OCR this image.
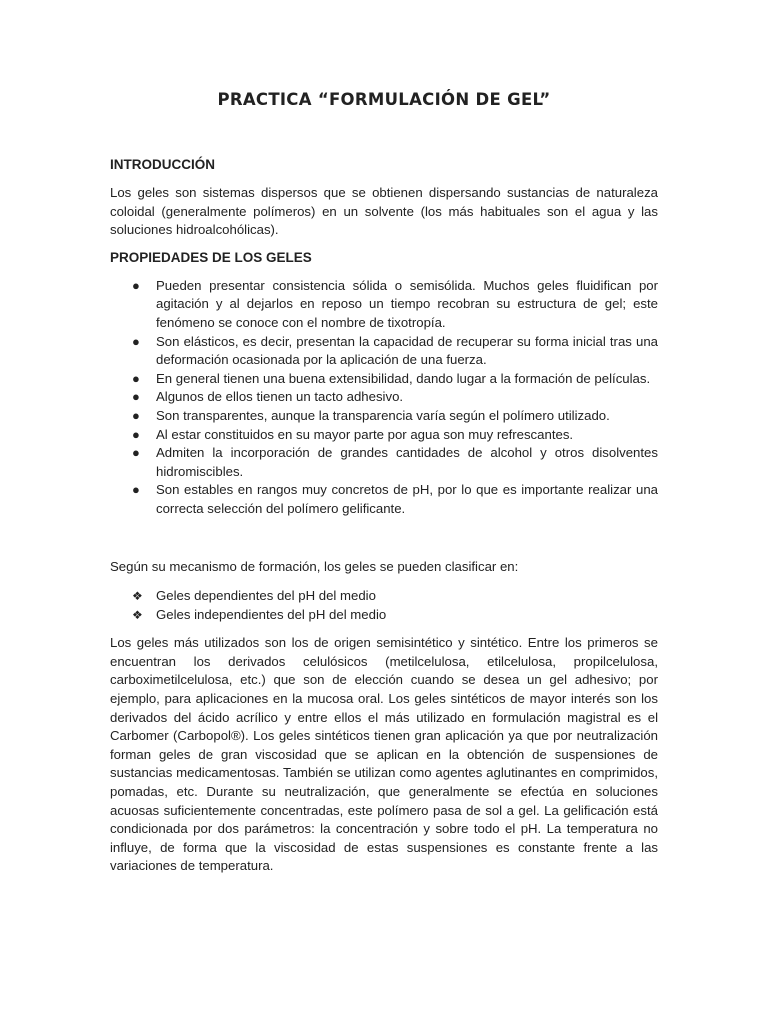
PRACTICA “FORMULACIÓN DE GEL”
INTRODUCCIÓN

Los geles son sistemas dispersos que se obtienen dispersando sustancias de naturaleza coloidal (generalmente polímeros) en un solvente (los más habituales son el agua y las soluciones hidroalcohólicas).

PROPIEDADES DE LOS GELES
● Pueden presentar consistencia sólida o semisólida. Muchos geles fluidifican por agitación y al dejarlos en reposo un tiempo recobran su estructura de gel; este fenómeno se conoce con el nombre de tixotropía.
● Son elásticos, es decir, presentan la capacidad de recuperar su forma inicial tras una deformación ocasionada por la aplicación de una fuerza.
● En general tienen una buena extensibilidad, dando lugar a la formación de películas.
● Algunos de ellos tienen un tacto adhesivo.
● Son transparentes, aunque la transparencia varía según el polímero utilizado.
● Al estar constituidos en su mayor parte por agua son muy refrescantes.
● Admiten la incorporación de grandes cantidades de alcohol y otros disolventes hidromiscibles.
● Son estables en rangos muy concretos de pH, por lo que es importante realizar una correcta selección del polímero gelificante.

Según su mecanismo de formación, los geles se pueden clasificar en:

❖ Geles dependientes del pH del medio
❖ Geles independientes del pH del medio

Los geles más utilizados son los de origen semisintético y sintético. Entre los primeros se encuentran los derivados celulósicos (metilcelulosa, etilcelulosa, propilcelulosa, carboximetilcelulosa, etc.) que son de elección cuando se desea un gel adhesivo; por ejemplo, para aplicaciones en la mucosa oral. Los geles sintéticos de mayor interés son los derivados del ácido acrílico y entre ellos el más utilizado en formulación magistral es el Carbomer (Carbopol®). Los geles sintéticos tienen gran aplicación ya que por neutralización forman geles de gran viscosidad que se aplican en la obtención de suspensiones de sustancias medicamentosas. También se utilizan como agentes aglutinantes en comprimidos, pomadas, etc. Durante su neutralización, que generalmente se efectúa en soluciones acuosas suficientemente concentradas, este polímero pasa de sol a gel. La gelificación está condicionada por dos parámetros: la concentración y sobre todo el pH. La temperatura no influye, de forma que la viscosidad de estas suspensiones es constante frente a las variaciones de temperatura.
